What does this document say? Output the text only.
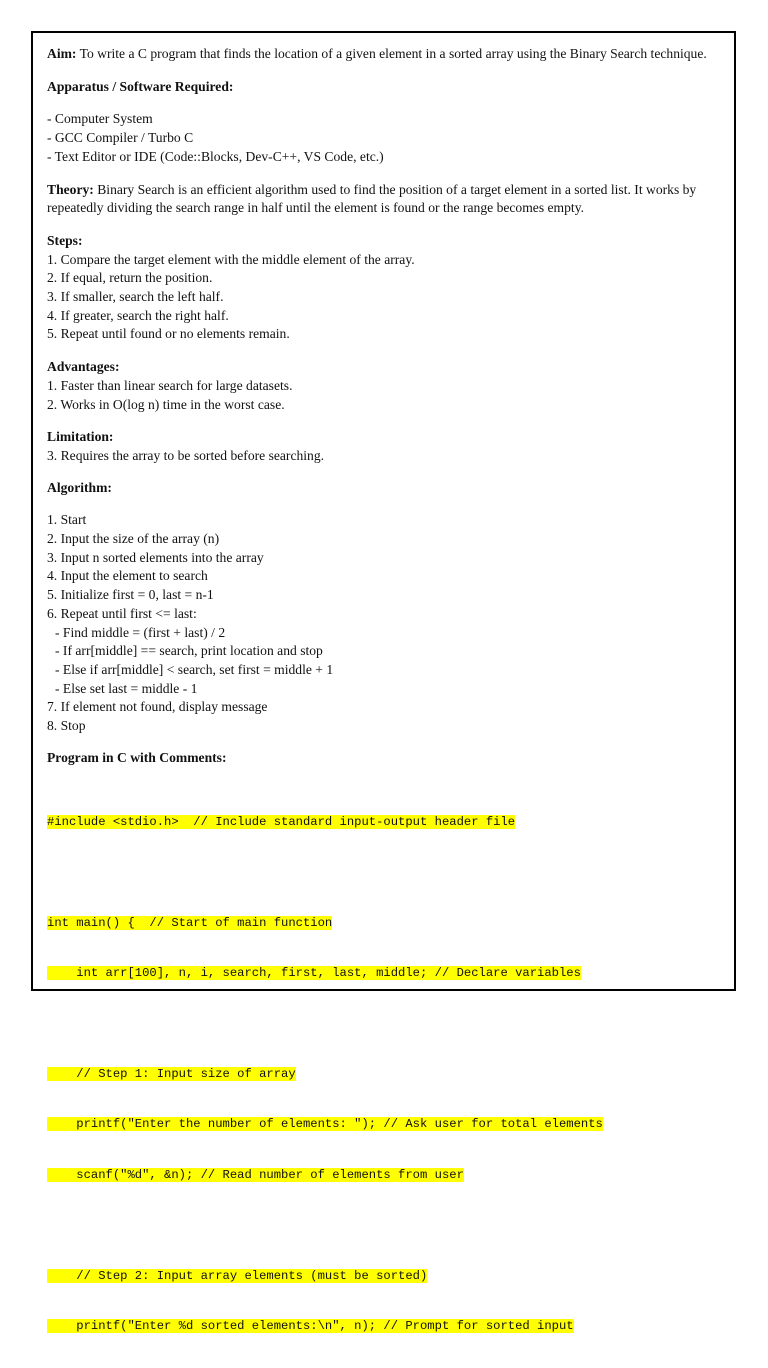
Aim: To write a C program that finds the location of a given element in a sorted array using the Binary Search technique.

Apparatus / Software Required:

- Computer System

- GCC Compiler / Turbo C

- Text Editor or IDE (Code::Blocks, Dev-C++, VS Code, etc.)

Theory: Binary Search is an efficient algorithm used to find the position of a target element in a sorted list. It works by

repeatedly dividing the search range in half until the element is found or the range becomes empty.

Steps:

1. Compare the target element with the middle element of the array.

2. If equal, return the position.

3. If smaller, search the left half.

4. If greater, search the right half.

5. Repeat until found or no elements remain.

Advantages:

1. Faster than linear search for large datasets.

2. Works in O(log n) time in the worst case.

Limitation:

3. Requires the array to be sorted before searching.

Algorithm:

1. Start

2. Input the size of the array (n)

3. Input n sorted elements into the array

4. Input the element to search

5. Initialize first = 0, last = n-1

6. Repeat until first <= last:

- Find middle = (first + last) / 2

- If arr[middle] == search, print location and stop

- Else if arr[middle] < search, set first = middle + 1

- Else set last = middle - 1

7. If element not found, display message

8. Stop

Program in C with Comments:

#include <stdio.h>  // Include standard input-output header file

int main() {  // Start of main function

int arr[100], n, i, search, first, last, middle; // Declare variables

// Step 1: Input size of array

printf("Enter the number of elements: "); // Ask user for total elements

scanf("%d", &n); // Read number of elements from user

// Step 2: Input array elements (must be sorted)

printf("Enter %d sorted elements:\n", n); // Prompt for sorted input
